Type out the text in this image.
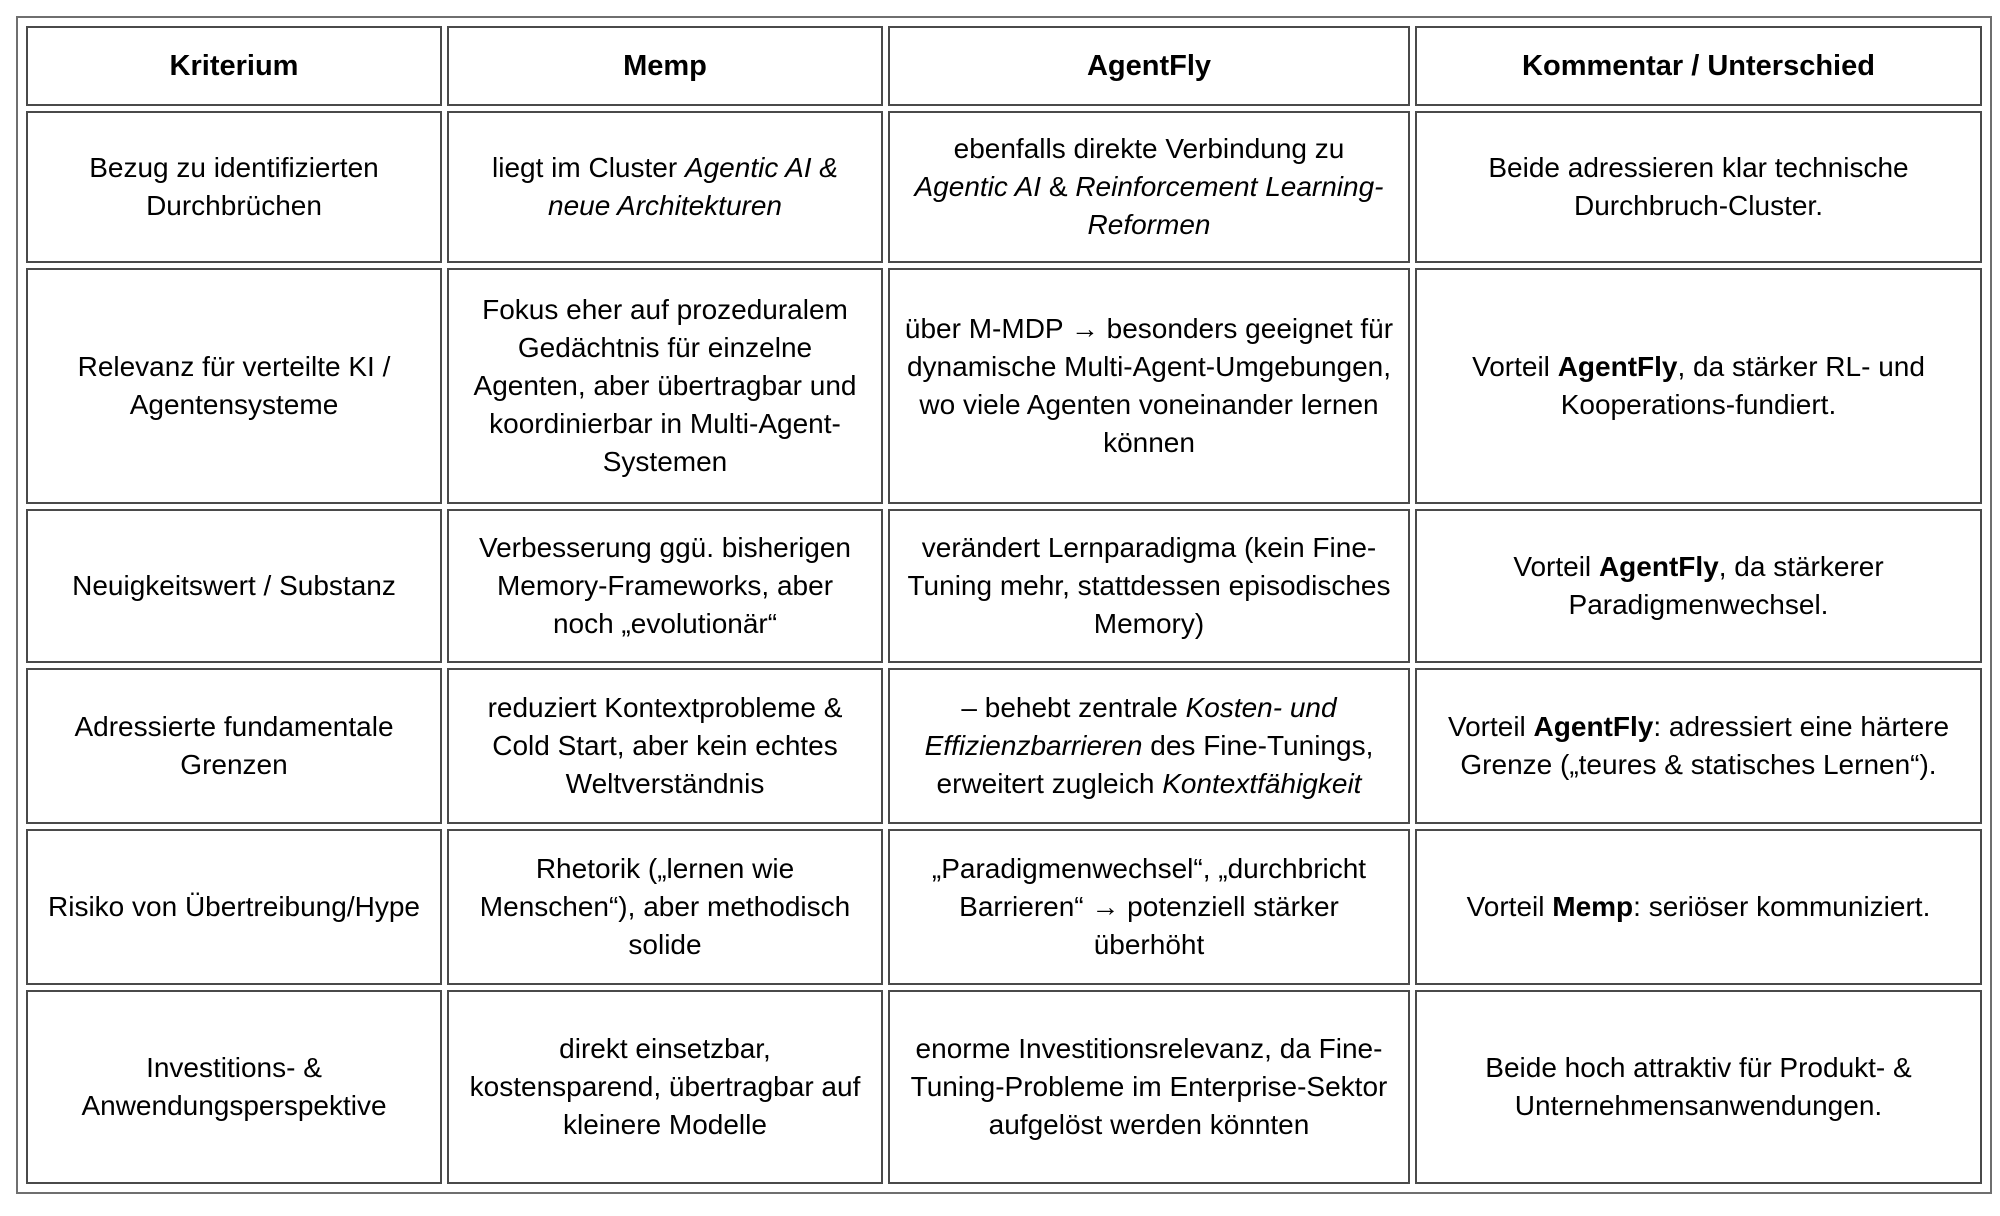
Kriterium	Memp	AgentFly	Kommentar / Unterschied
Bezug zu identifizierten Durchbrüchen	liegt im Cluster Agentic AI & neue Architekturen	ebenfalls direkte Verbindung zu Agentic AI & Reinforcement Learning-Reformen	Beide adressieren klar technische Durchbruch-Cluster.
Relevanz für verteilte KI / Agentensysteme	Fokus eher auf prozeduralem Gedächtnis für einzelne Agenten, aber übertragbar und koordinierbar in Multi-Agent-Systemen	über M-MDP → besonders geeignet für dynamische Multi-Agent-Umgebungen, wo viele Agenten voneinander lernen können	Vorteil AgentFly, da stärker RL- und Kooperations-fundiert.
Neuigkeitswert / Substanz	Verbesserung ggü. bisherigen Memory-Frameworks, aber noch „evolutionär“	verändert Lernparadigma (kein Fine-Tuning mehr, stattdessen episodisches Memory)	Vorteil AgentFly, da stärkerer Paradigmenwechsel.
Adressierte fundamentale Grenzen	reduziert Kontextprobleme & Cold Start, aber kein echtes Weltverständnis	– behebt zentrale Kosten- und Effizienzbarrieren des Fine-Tunings, erweitert zugleich Kontextfähigkeit	Vorteil AgentFly: adressiert eine härtere Grenze („teures & statisches Lernen“).
Risiko von Übertreibung/Hype	Rhetorik („lernen wie Menschen“), aber methodisch solide	„Paradigmenwechsel“, „durchbricht Barrieren“ → potenziell stärker überhöht	Vorteil Memp: seriöser kommuniziert.
Investitions- & Anwendungsperspektive	direkt einsetzbar, kostensparend, übertragbar auf kleinere Modelle	enorme Investitionsrelevanz, da Fine-Tuning-Probleme im Enterprise-Sektor aufgelöst werden könnten	Beide hoch attraktiv für Produkt- & Unternehmensanwendungen.
